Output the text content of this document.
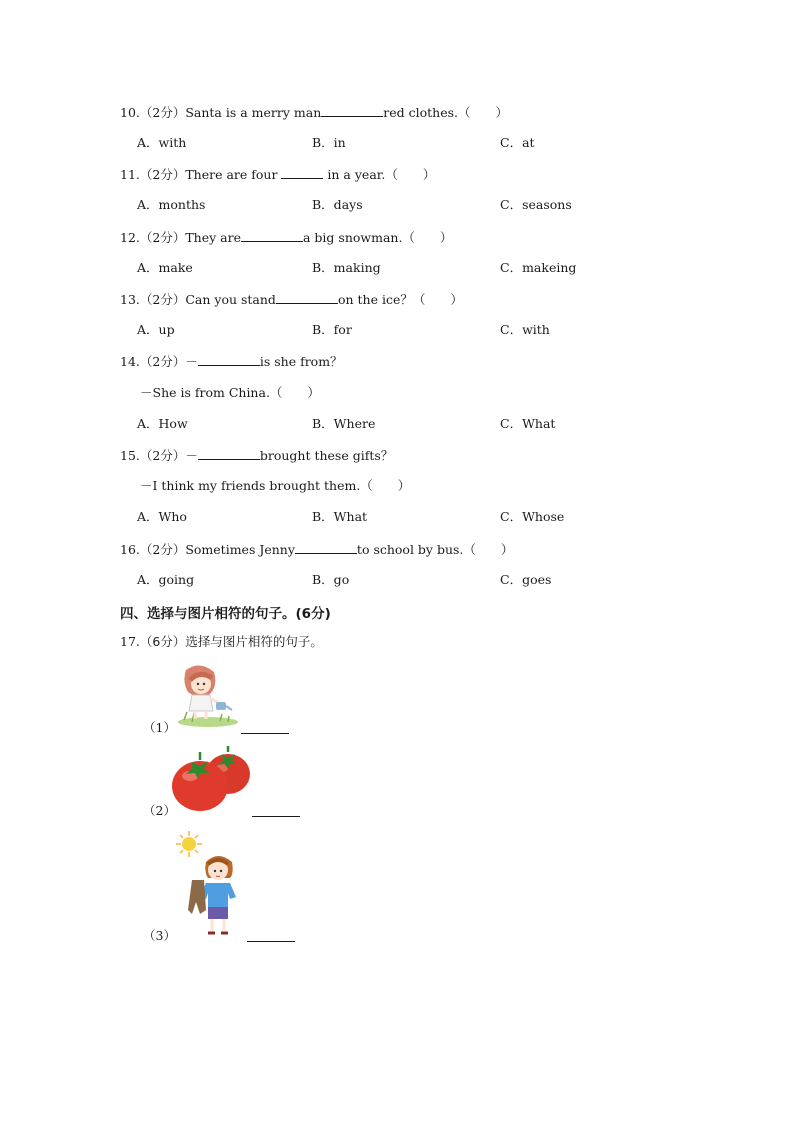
10.（2分）Santa is a merry man	red clothes.（　　）
A．with	B．in	C．at
11.（2分）There are four	in a year.（　　）
A．months	B．days	C．seasons
12.（2分）They are	a big snowman.（　　）
A．make	B．making	C．makeing
13.（2分）Can you stand	on the ice？（　　）
A．up	B．for	C．with
14.（2分）－	is she from？
－She is from China.（　　）
A．How	B．Where	C．What
15.（2分）－	brought these gifts？
－I think my friends brought them.（　　）
A．Who	B．What	C．Whose
16.（2分）Sometimes Jenny	to school by bus.（　　）
A．going	B．go	C．goes
四、选择与图片相符的句子。(6分)
17.（6分）选择与图片相符的句子。
（1）
（2）
（3）
